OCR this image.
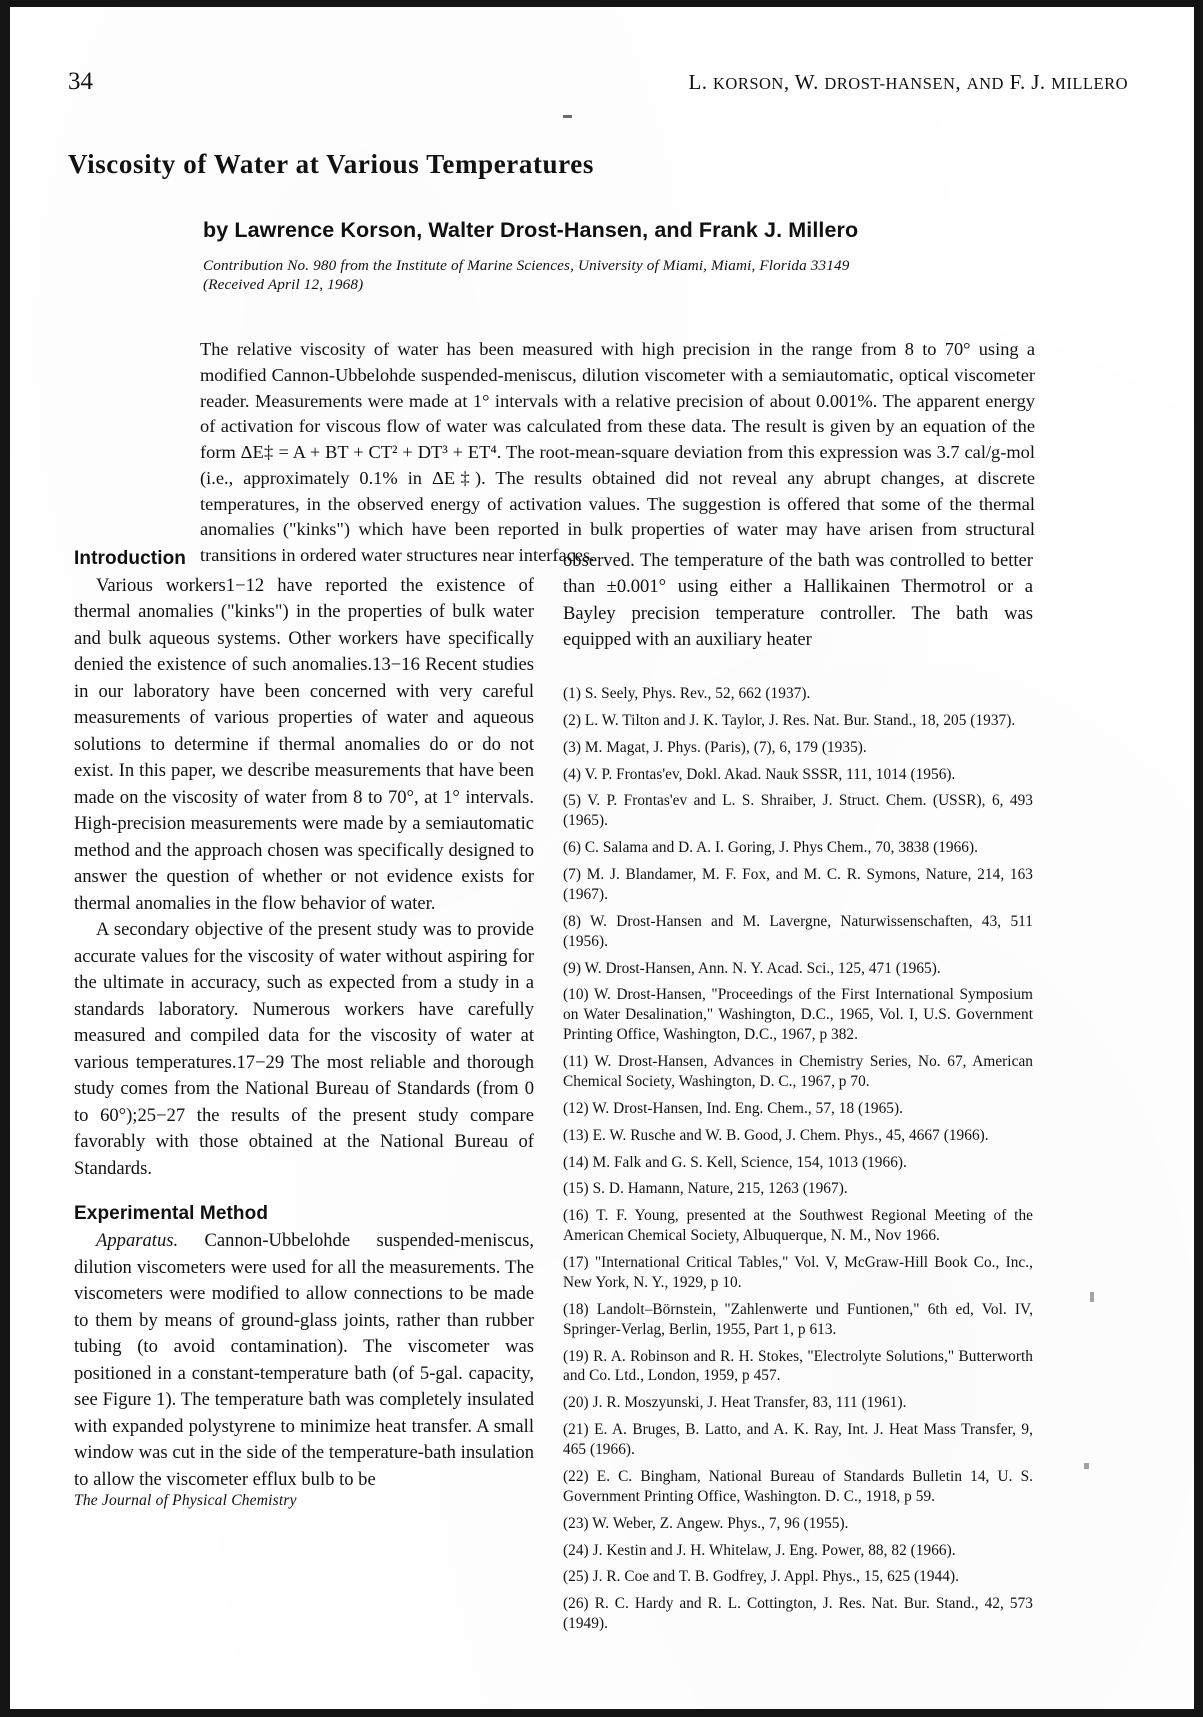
34	L. KORSON, W. DROST-HANSEN, AND F. J. MILLERO
Viscosity of Water at Various Temperatures
by Lawrence Korson, Walter Drost-Hansen, and Frank J. Millero
Contribution No. 980 from the Institute of Marine Sciences, University of Miami, Miami, Florida 33149
(Received April 12, 1968)
The relative viscosity of water has been measured with high precision in the range from 8 to 70° using a modified Cannon-Ubbelohde suspended-meniscus, dilution viscometer with a semiautomatic, optical viscometer reader. Measurements were made at 1° intervals with a relative precision of about 0.001%. The apparent energy of activation for viscous flow of water was calculated from these data. The result is given by an equation of the form ΔE‡ = A + BT + CT² + DT³ + ET⁴. The root-mean-square deviation from this expression was 3.7 cal/g-mol (i.e., approximately 0.1% in ΔE‡). The results obtained did not reveal any abrupt changes, at discrete temperatures, in the observed energy of activation values. The suggestion is offered that some of the thermal anomalies ("kinks") which have been reported in bulk properties of water may have arisen from structural transitions in ordered water structures near interfaces.
Introduction

Various workers1−12 have reported the existence of thermal anomalies ("kinks") in the properties of bulk water and bulk aqueous systems. Other workers have specifically denied the existence of such anomalies.13−16 Recent studies in our laboratory have been concerned with very careful measurements of various properties of water and aqueous solutions to determine if thermal anomalies do or do not exist. In this paper, we describe measurements that have been made on the viscosity of water from 8 to 70°, at 1° intervals. High-precision measurements were made by a semiautomatic method and the approach chosen was specifically designed to answer the question of whether or not evidence exists for thermal anomalies in the flow behavior of water.

A secondary objective of the present study was to provide accurate values for the viscosity of water without aspiring for the ultimate in accuracy, such as expected from a study in a standards laboratory. Numerous workers have carefully measured and compiled data for the viscosity of water at various temperatures.17−29 The most reliable and thorough study comes from the National Bureau of Standards (from 0 to 60°);25−27 the results of the present study compare favorably with those obtained at the National Bureau of Standards.

Experimental Method

Apparatus. Cannon-Ubbelohde suspended-meniscus, dilution viscometers were used for all the measurements. The viscometers were modified to allow connections to be made to them by means of ground-glass joints, rather than rubber tubing (to avoid contamination). The viscometer was positioned in a constant-temperature bath (of 5-gal. capacity, see Figure 1). The temperature bath was completely insulated with expanded polystyrene to minimize heat transfer. A small window was cut in the side of the temperature-bath insulation to allow the viscometer efflux bulb to be

observed. The temperature of the bath was controlled to better than ±0.001° using either a Hallikainen Thermotrol or a Bayley precision temperature controller. The bath was equipped with an auxiliary heater

(1) S. Seely, Phys. Rev., 52, 662 (1937).

(2) L. W. Tilton and J. K. Taylor, J. Res. Nat. Bur. Stand., 18, 205 (1937).

(3) M. Magat, J. Phys. (Paris), (7), 6, 179 (1935).

(4) V. P. Frontas'ev, Dokl. Akad. Nauk SSSR, 111, 1014 (1956).

(5) V. P. Frontas'ev and L. S. Shraiber, J. Struct. Chem. (USSR), 6, 493 (1965).

(6) C. Salama and D. A. I. Goring, J. Phys Chem., 70, 3838 (1966).

(7) M. J. Blandamer, M. F. Fox, and M. C. R. Symons, Nature, 214, 163 (1967).

(8) W. Drost-Hansen and M. Lavergne, Naturwissenschaften, 43, 511 (1956).

(9) W. Drost-Hansen, Ann. N. Y. Acad. Sci., 125, 471 (1965).

(10) W. Drost-Hansen, "Proceedings of the First International Symposium on Water Desalination," Washington, D.C., 1965, Vol. I, U.S. Government Printing Office, Washington, D.C., 1967, p 382.

(11) W. Drost-Hansen, Advances in Chemistry Series, No. 67, American Chemical Society, Washington, D. C., 1967, p 70.

(12) W. Drost-Hansen, Ind. Eng. Chem., 57, 18 (1965).

(13) E. W. Rusche and W. B. Good, J. Chem. Phys., 45, 4667 (1966).

(14) M. Falk and G. S. Kell, Science, 154, 1013 (1966).

(15) S. D. Hamann, Nature, 215, 1263 (1967).

(16) T. F. Young, presented at the Southwest Regional Meeting of the American Chemical Society, Albuquerque, N. M., Nov 1966.

(17) "International Critical Tables," Vol. V, McGraw-Hill Book Co., Inc., New York, N. Y., 1929, p 10.

(18) Landolt–Börnstein, "Zahlenwerte und Funtionen," 6th ed, Vol. IV, Springer-Verlag, Berlin, 1955, Part 1, p 613.

(19) R. A. Robinson and R. H. Stokes, "Electrolyte Solutions," Butterworth and Co. Ltd., London, 1959, p 457.

(20) J. R. Moszyunski, J. Heat Transfer, 83, 111 (1961).

(21) E. A. Bruges, B. Latto, and A. K. Ray, Int. J. Heat Mass Transfer, 9, 465 (1966).

(22) E. C. Bingham, National Bureau of Standards Bulletin 14, U. S. Government Printing Office, Washington. D. C., 1918, p 59.

(23) W. Weber, Z. Angew. Phys., 7, 96 (1955).

(24) J. Kestin and J. H. Whitelaw, J. Eng. Power, 88, 82 (1966).

(25) J. R. Coe and T. B. Godfrey, J. Appl. Phys., 15, 625 (1944).

(26) R. C. Hardy and R. L. Cottington, J. Res. Nat. Bur. Stand., 42, 573 (1949).

The Journal of Physical Chemistry
